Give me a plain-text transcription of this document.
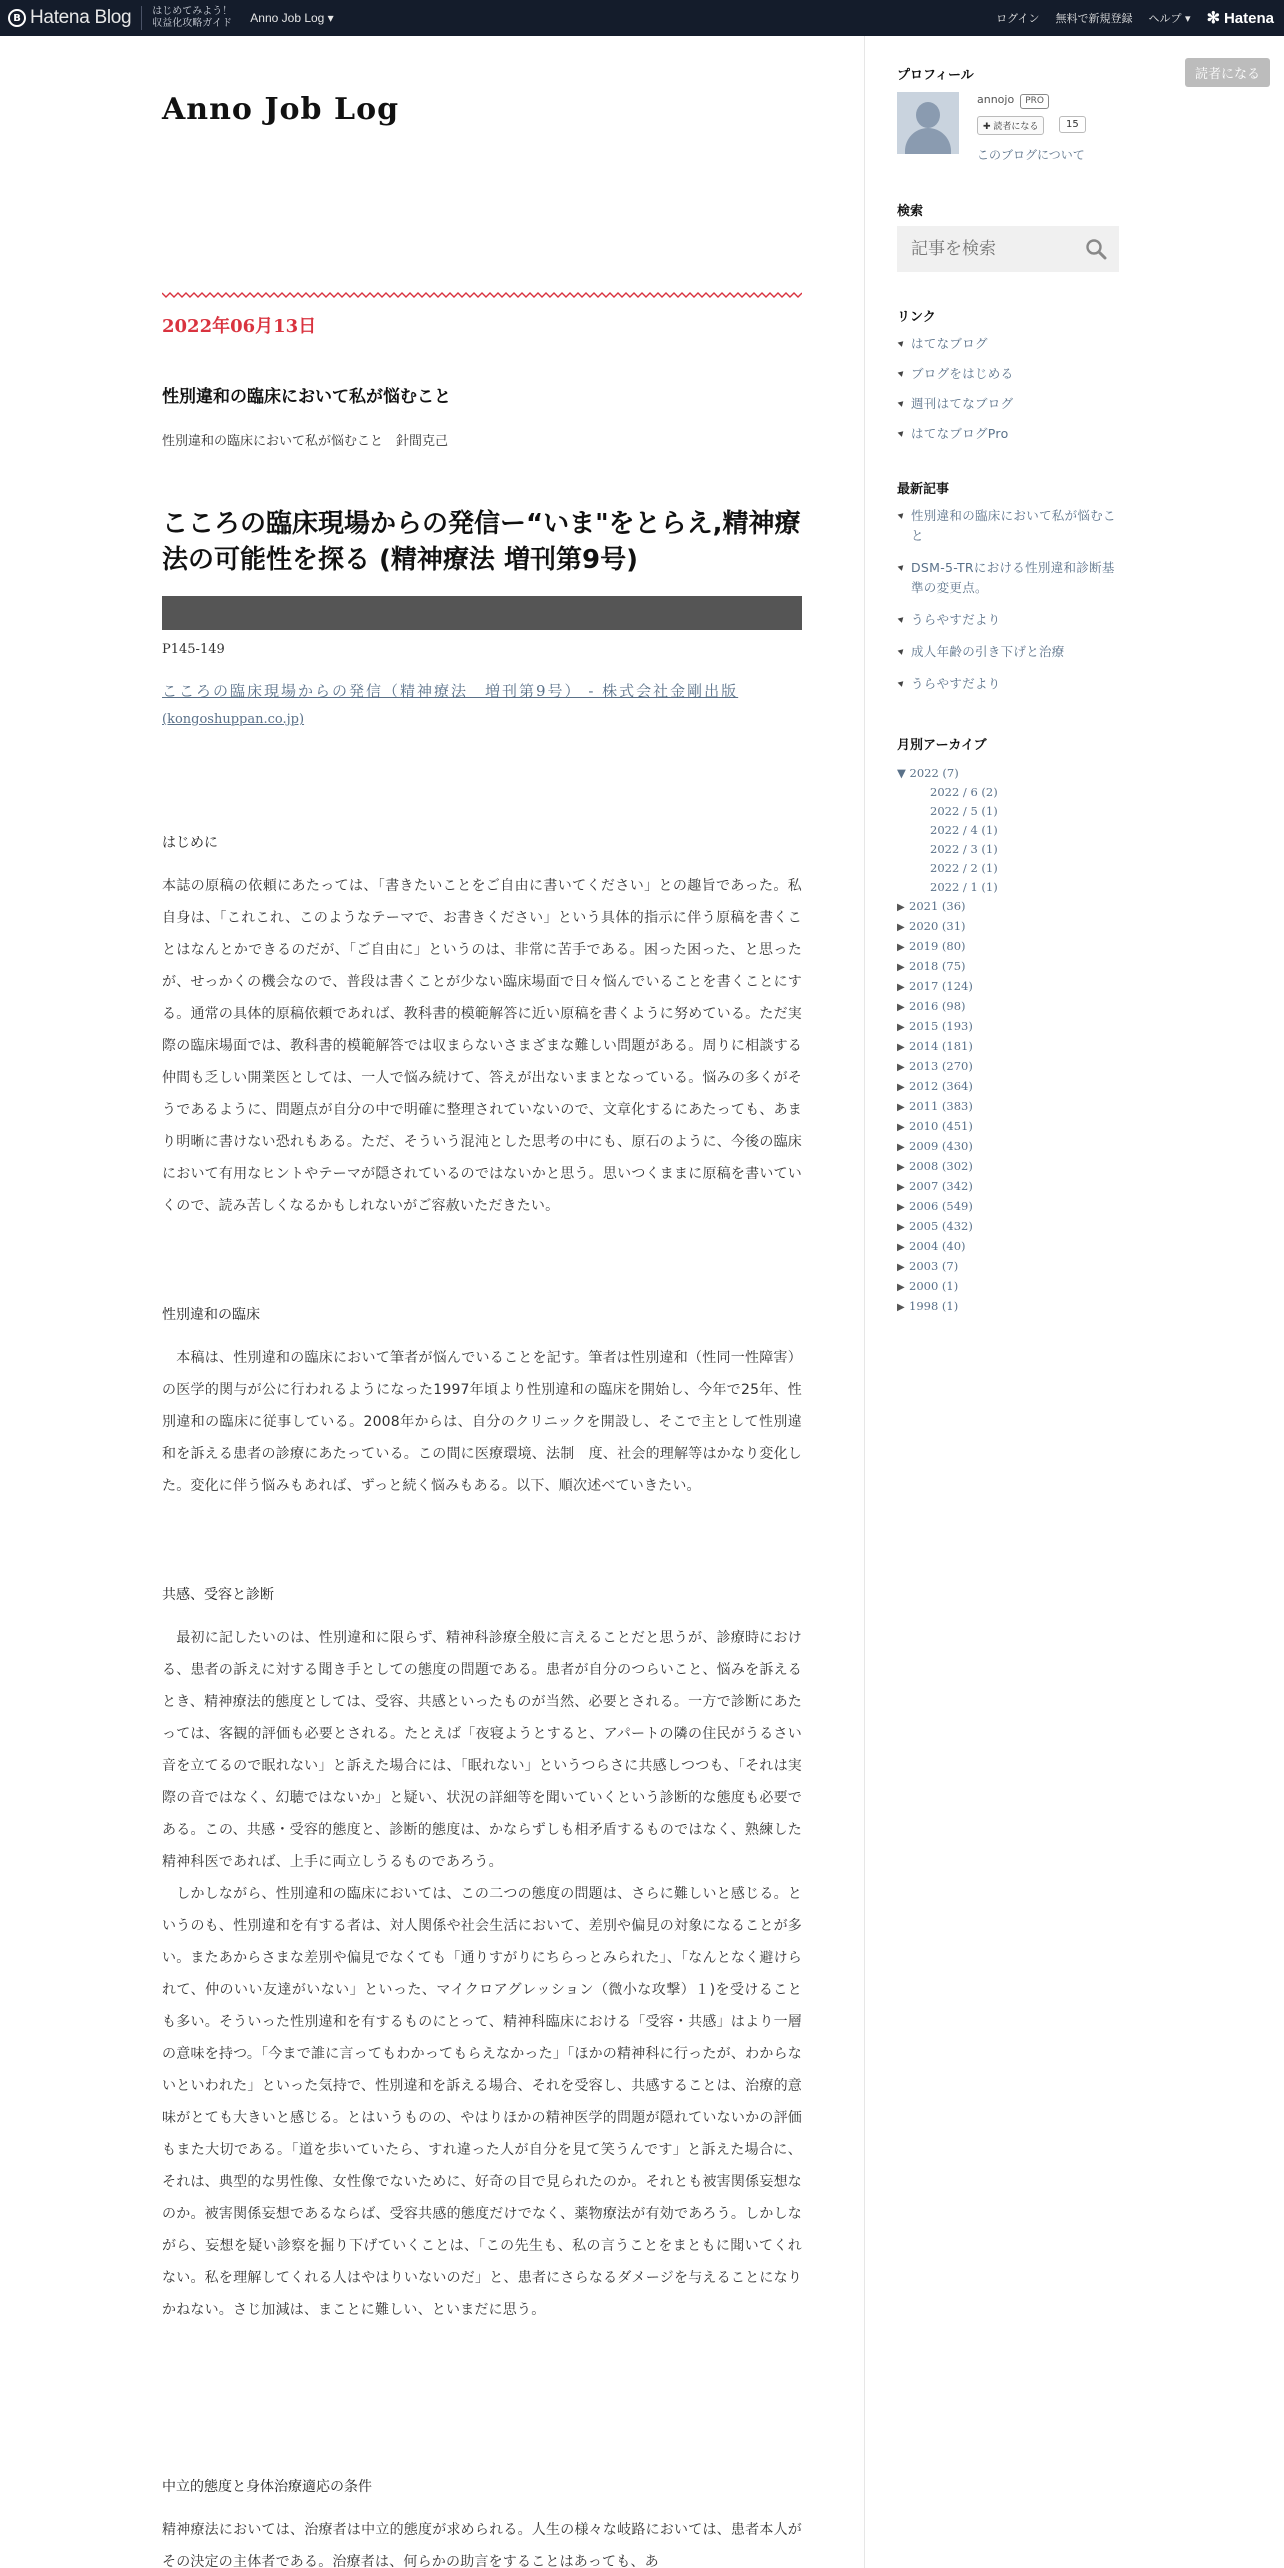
B Hatena Blog はじめてみよう！
収益化攻略ガイド Anno Job Log ▾	ログイン 無料で新規登録 ヘルプ ▾ ✻ Hatena
読者になる
Anno Job Log
2022年06月13日
性別違和の臨床において私が悩むこと
性別違和の臨床において私が悩むこと　針間克己
こころの臨床現場からの発信ー“いま"をとらえ,精神療法の可能性を探る (精神療法 増刊第9号)
P145-149
こころの臨床現場からの発信（精神療法　増刊第9号） - 株式会社金剛出版
(kongoshuppan.co.jp)
はじめに

本誌の原稿の依頼にあたっては、「書きたいことをご自由に書いてください」との趣旨であった。私自身は、「これこれ、このようなテーマで、お書きください」という具体的指示に伴う原稿を書くことはなんとかできるのだが、「ご自由に」というのは、非常に苦手である。困った困った、と思ったが、せっかくの機会なので、普段は書くことが少ない臨床場面で日々悩んでいることを書くことにする。通常の具体的原稿依頼であれば、教科書的模範解答に近い原稿を書くように努めている。ただ実際の臨床場面では、教科書的模範解答では収まらないさまざまな難しい問題がある。周りに相談する仲間も乏しい開業医としては、一人で悩み続けて、答えが出ないままとなっている。悩みの多くがそうであるように、問題点が自分の中で明確に整理されていないので、文章化するにあたっても、あまり明晰に書けない恐れもある。ただ、そういう混沌とした思考の中にも、原石のように、今後の臨床において有用なヒントやテーマが隠されているのではないかと思う。思いつくままに原稿を書いていくので、読み苦しくなるかもしれないがご容赦いただきたい。

性別違和の臨床

　本稿は、性別違和の臨床において筆者が悩んでいることを記す。筆者は性別違和（性同一性障害）の医学的関与が公に行われるようになった1997年頃より性別違和の臨床を開始し、今年で25年、性別違和の臨床に従事している。2008年からは、自分のクリニックを開設し、そこで主として性別違和を訴える患者の診療にあたっている。この間に医療環境、法制　度、社会的理解等はかなり変化した。変化に伴う悩みもあれば、ずっと続く悩みもある。以下、順次述べていきたい。

共感、受容と診断

　最初に記したいのは、性別違和に限らず、精神科診療全般に言えることだと思うが、診療時における、患者の訴えに対する聞き手としての態度の問題である。患者が自分のつらいこと、悩みを訴えるとき、精神療法的態度としては、受容、共感といったものが当然、必要とされる。一方で診断にあたっては、客観的評価も必要とされる。たとえば「夜寝ようとすると、アパートの隣の住民がうるさい音を立てるので眠れない」と訴えた場合には、「眠れない」というつらさに共感しつつも、「それは実際の音ではなく、幻聴ではないか」と疑い、状況の詳細等を聞いていくという診断的な態度も必要である。この、共感・受容的態度と、診断的態度は、かならずしも相矛盾するものではなく、熟練した精神科医であれば、上手に両立しうるものであろう。

　しかしながら、性別違和の臨床においては、この二つの態度の問題は、さらに難しいと感じる。というのも、性別違和を有する者は、対人関係や社会生活において、差別や偏見の対象になることが多い。またあからさまな差別や偏見でなくても「通りすがりにちらっとみられた」、「なんとなく避けられて、仲のいい友達がいない」といった、マイクロアグレッション（微小な攻撃）１)を受けることも多い。そういった性別違和を有するものにとって、精神科臨床における「受容・共感」はより一層の意味を持つ。「今まで誰に言ってもわかってもらえなかった」「ほかの精神科に行ったが、わからないといわれた」といった気持で、性別違和を訴える場合、それを受容し、共感することは、治療的意味がとても大きいと感じる。とはいうものの、やはりほかの精神医学的問題が隠れていないかの評価もまた大切である。「道を歩いていたら、すれ違った人が自分を見て笑うんです」と訴えた場合に、それは、典型的な男性像、女性像でないために、好奇の目で見られたのか。それとも被害関係妄想なのか。被害関係妄想であるならば、受容共感的態度だけでなく、薬物療法が有効であろう。しかしながら、妄想を疑い診察を掘り下げていくことは、「この先生も、私の言うことをまともに聞いてくれない。私を理解してくれる人はやはりいないのだ」と、患者にさらなるダメージを与えることになりかねない。さじ加減は、まことに難しい、といまだに思う。

中立的態度と身体治療適応の条件

精神療法においては、治療者は中立的態度が求められる。人生の様々な岐路においては、患者本人がその決定の主体者である。治療者は、何らかの助言をすることはあっても、あ

プロフィール
annojo PRO
✚ 読者になる	15
このブログについて
検索
記事を検索
リンク
はてなブログ
ブログをはじめる
週刊はてなブログ
はてなブログPro
最新記事
性別違和の臨床において私が悩むこと
DSM-5-TRにおける性別違和診断基準の変更点。
うらやすだより
成人年齢の引き下げと治療
うらやすだより
月別アーカイブ
▼ 2022 (7)
2022 / 6 (2)
2022 / 5 (1)
2022 / 4 (1)
2022 / 3 (1)
2022 / 2 (1)
2022 / 1 (1)
▶ 2021 (36)
▶ 2020 (31)
▶ 2019 (80)
▶ 2018 (75)
▶ 2017 (124)
▶ 2016 (98)
▶ 2015 (193)
▶ 2014 (181)
▶ 2013 (270)
▶ 2012 (364)
▶ 2011 (383)
▶ 2010 (451)
▶ 2009 (430)
▶ 2008 (302)
▶ 2007 (342)
▶ 2006 (549)
▶ 2005 (432)
▶ 2004 (40)
▶ 2003 (7)
▶ 2000 (1)
▶ 1998 (1)
